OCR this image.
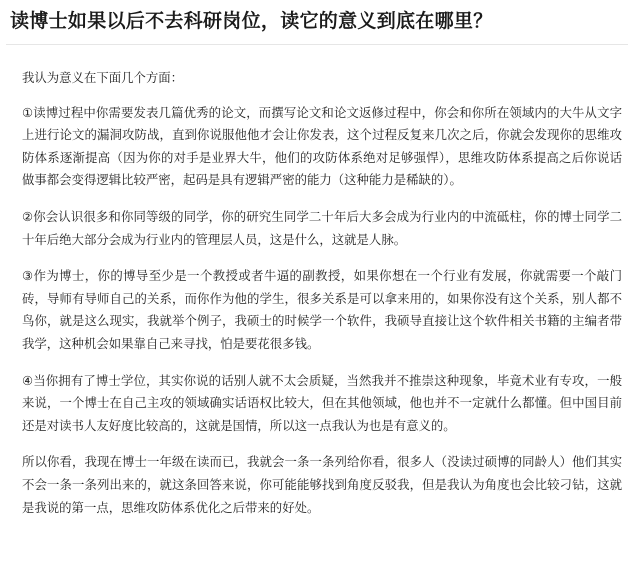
读博士如果以后不去科研岗位，读它的意义到底在哪里？

我认为意义在下面几个方面：

①读博过程中你需要发表几篇优秀的论文，而撰写论文和论文返修过程中，你会和你所在领域内的大牛从文字上进行论文的漏洞攻防战，直到你说服他他才会让你发表，这个过程反复来几次之后，你就会发现你的思维攻防体系逐渐提高（因为你的对手是业界大牛，他们的攻防体系绝对足够强悍），思维攻防体系提高之后你说话做事都会变得逻辑比较严密，起码是具有逻辑严密的能力（这种能力是稀缺的）。

②你会认识很多和你同等级的同学，你的研究生同学二十年后大多会成为行业内的中流砥柱，你的博士同学二十年后绝大部分会成为行业内的管理层人员，这是什么，这就是人脉。

③作为博士，你的博导至少是一个教授或者牛逼的副教授，如果你想在一个行业有发展，你就需要一个敲门砖，导师有导师自己的关系，而你作为他的学生，很多关系是可以拿来用的，如果你没有这个关系，别人都不鸟你，就是这么现实，我就举个例子，我硕士的时候学一个软件，我硕导直接让这个软件相关书籍的主编者带我学，这种机会如果靠自己来寻找，怕是要花很多钱。

④当你拥有了博士学位，其实你说的话别人就不太会质疑，当然我并不推崇这种现象，毕竟术业有专攻，一般来说，一个博士在自己主攻的领域确实话语权比较大，但在其他领域，他也并不一定就什么都懂。但中国目前还是对读书人友好度比较高的，这就是国情，所以这一点我认为也是有意义的。

所以你看，我现在博士一年级在读而已，我就会一条一条列给你看，很多人（没读过硕博的同龄人）他们其实不会一条一条列出来的，就这条回答来说，你可能能够找到角度反驳我，但是我认为角度也会比较刁钻，这就是我说的第一点，思维攻防体系优化之后带来的好处。
